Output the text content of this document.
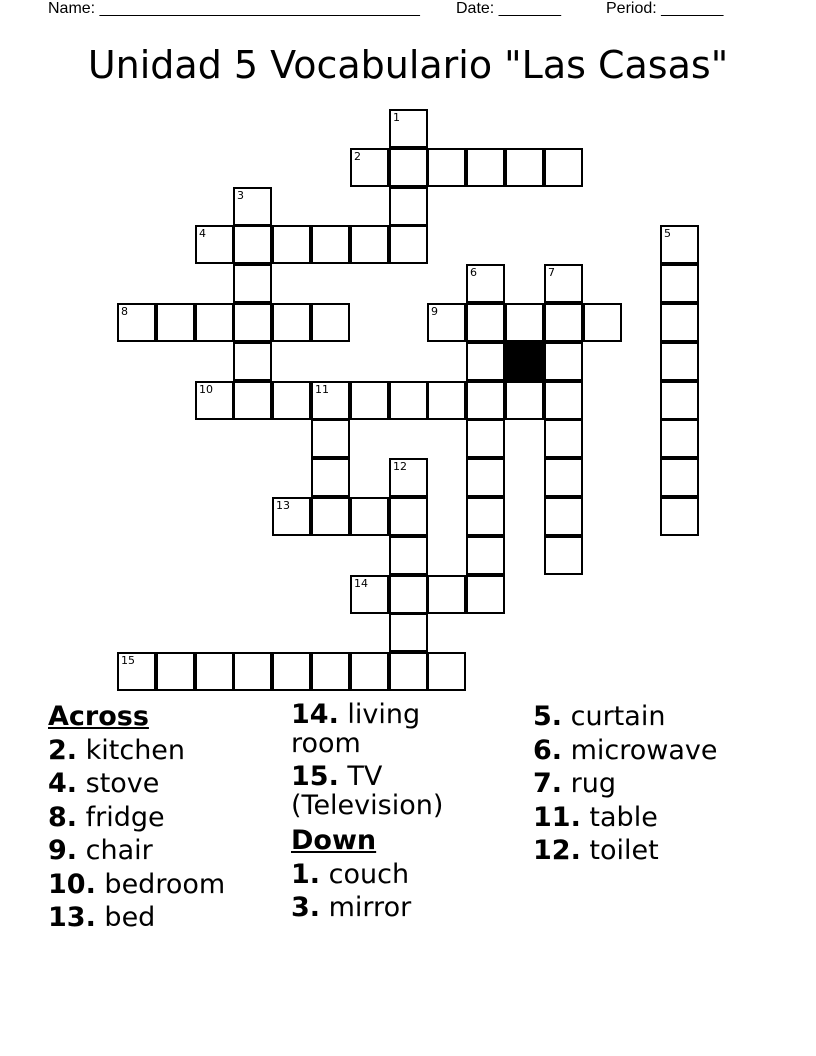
Name: ____________________________________ Date: _______	Period: _______
Unidad 5 Vocabulario "Las Casas"
1
2
3
4	5
6	7
8	9
10	11
12
13
14
15
Across
2. kitchen
4. stove
8. fridge
9. chair
10. bedroom
13. bed
14. living room
15. TV (Television)
Down
1. couch
3. mirror
5. curtain
6. microwave
7. rug
11. table
12. toilet
